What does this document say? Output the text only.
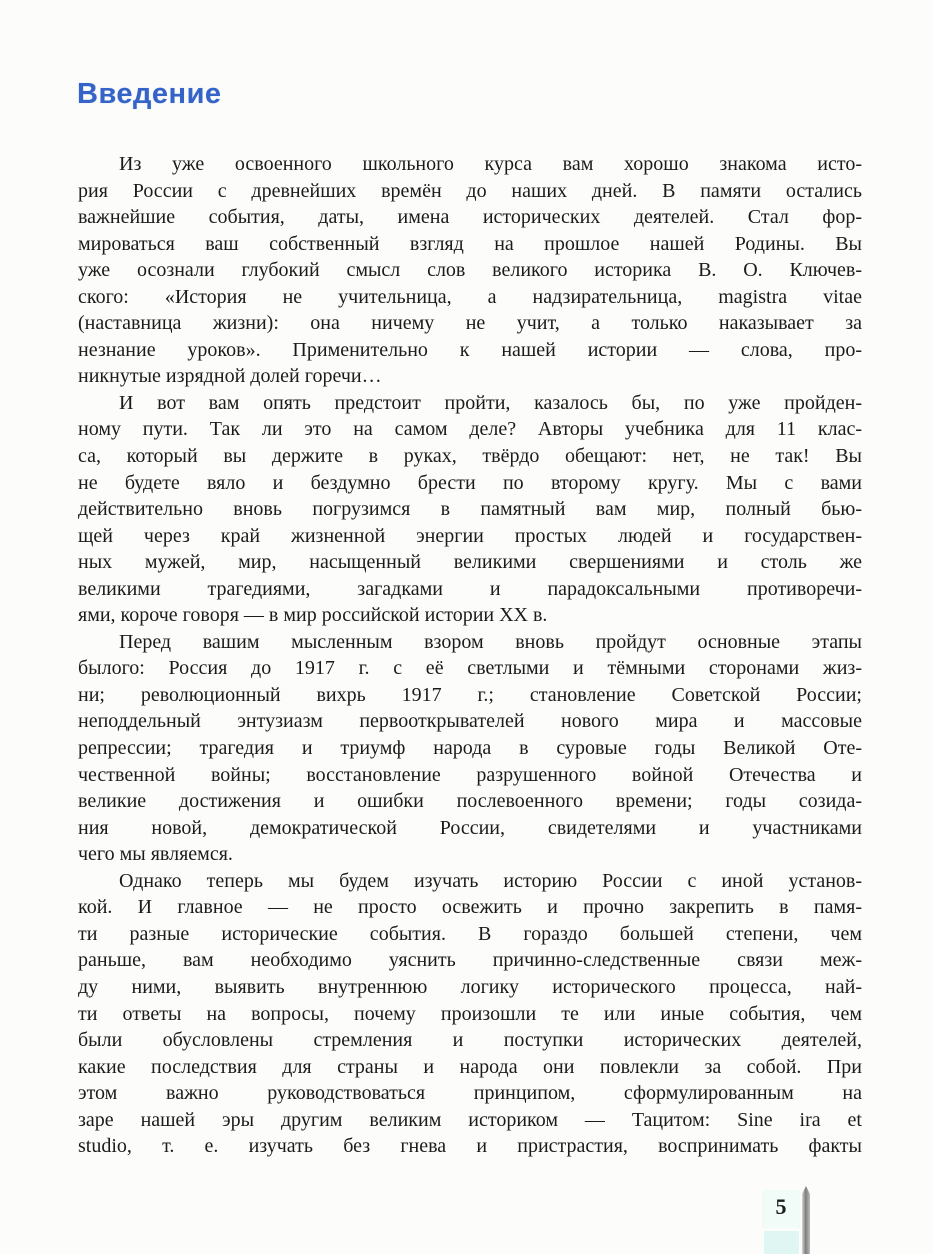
Введение
Из уже освоенного школьного курса вам хорошо знакома исто-
рия России с древнейших времён до наших дней. В памяти остались
важнейшие события, даты, имена исторических деятелей. Стал фор-
мироваться ваш собственный взгляд на прошлое нашей Родины. Вы
уже осознали глубокий смысл слов великого историка В. О. Ключев-
ского: «История не учительница, а надзирательница, magistra vitae
(наставница жизни): она ничему не учит, а только наказывает за
незнание уроков». Применительно к нашей истории — слова, про-
никнутые изрядной долей горечи…
И вот вам опять предстоит пройти, казалось бы, по уже пройден-
ному пути. Так ли это на самом деле? Авторы учебника для 11 клас-
са, который вы держите в руках, твёрдо обещают: нет, не так! Вы
не будете вяло и бездумно брести по второму кругу. Мы с вами
действительно вновь погрузимся в памятный вам мир, полный бью-
щей через край жизненной энергии простых людей и государствен-
ных мужей, мир, насыщенный великими свершениями и столь же
великими трагедиями, загадками и парадоксальными противоречи-
ями, короче говоря — в мир российской истории XX в.
Перед вашим мысленным взором вновь пройдут основные этапы
былого: Россия до 1917 г. с её светлыми и тёмными сторонами жиз-
ни; революционный вихрь 1917 г.; становление Советской России;
неподдельный энтузиазм первооткрывателей нового мира и массовые
репрессии; трагедия и триумф народа в суровые годы Великой Оте-
чественной войны; восстановление разрушенного войной Отечества и
великие достижения и ошибки послевоенного времени; годы созида-
ния новой, демократической России, свидетелями и участниками
чего мы являемся.
Однако теперь мы будем изучать историю России с иной установ-
кой. И главное — не просто освежить и прочно закрепить в памя-
ти разные исторические события. В гораздо большей степени, чем
раньше, вам необходимо уяснить причинно-следственные связи меж-
ду ними, выявить внутреннюю логику исторического процесса, най-
ти ответы на вопросы, почему произошли те или иные события, чем
были обусловлены стремления и поступки исторических деятелей,
какие последствия для страны и народа они повлекли за собой. При
этом важно руководствоваться принципом, сформулированным на
заре нашей эры другим великим историком — Тацитом: Sine ira et
studio, т. е. изучать без гнева и пристрастия, воспринимать факты
5
